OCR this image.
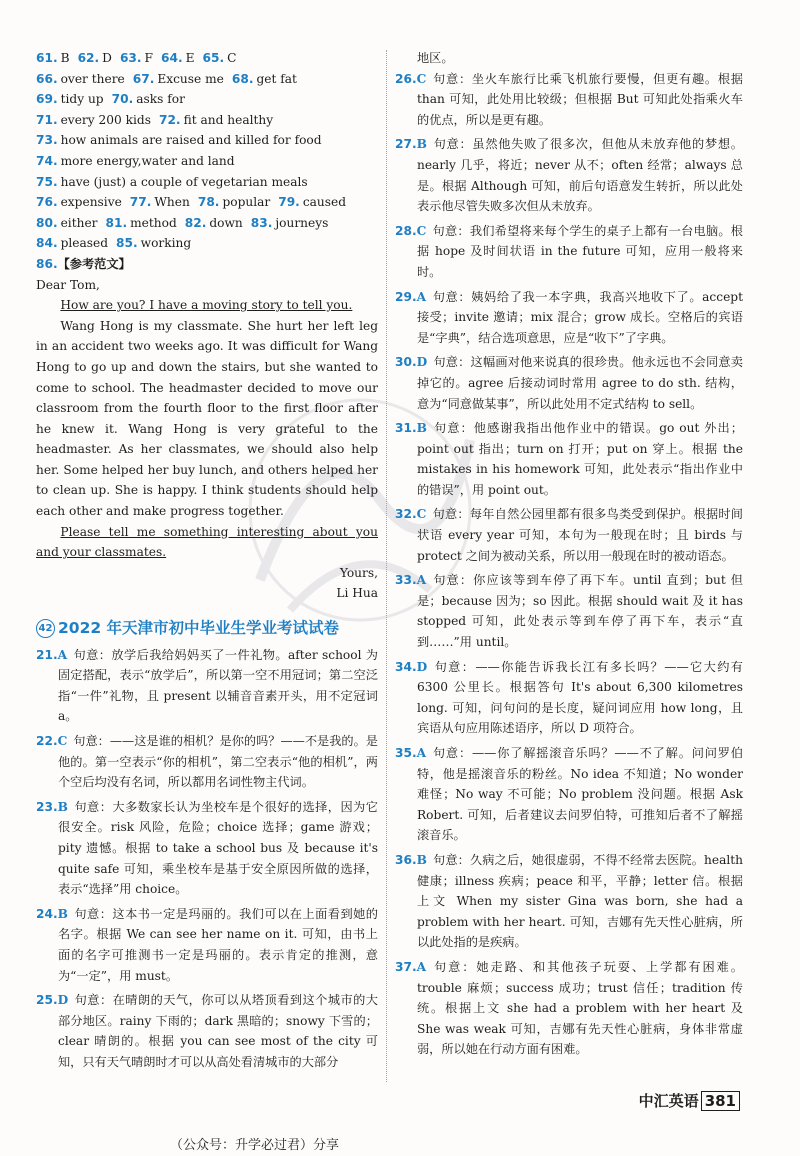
61. B 62. D 63. F 64. E 65. C
66. over there 67. Excuse me 68. get fat
69. tidy up 70. asks for
71. every 200 kids 72. fit and healthy
73. how animals are raised and killed for food
74. more energy,water and land
75. have (just) a couple of vegetarian meals
76. expensive 77. When 78. popular 79. caused
80. either 81. method 82. down 83. journeys
84. pleased 85. working
86.【参考范文】

Dear Tom,

How are you? I have a moving story to tell you.

Wang Hong is my classmate. She hurt her left leg in an accident two weeks ago. It was difficult for Wang Hong to go up and down the stairs, but she wanted to come to school. The headmaster decided to move our classroom from the fourth floor to the first floor after he knew it. Wang Hong is very grateful to the headmaster. As her classmates, we should also help her. Some helped her buy lunch, and others helped her to clean up. She is happy. I think students should help each other and make progress together.

Please tell me something interesting about you and your classmates.

Yours,

Li Hua

42 2022 年天津市初中毕业生学业考试试卷

21.A 句意：放学后我给妈妈买了一件礼物。after school 为固定搭配，表示“放学后”，所以第一空不用冠词；第二空泛指“一件”礼物，且 present 以辅音音素开头，用不定冠词 a。

22.C 句意：——这是谁的相机？是你的吗？——不是我的。是他的。第一空表示“你的相机”，第二空表示“他的相机”，两个空后均没有名词，所以都用名词性物主代词。

23.B 句意：大多数家长认为坐校车是个很好的选择，因为它很安全。risk 风险，危险；choice 选择；game 游戏；pity 遗憾。根据 to take a school bus 及 because it's quite safe 可知，乘坐校车是基于安全原因所做的选择，表示“选择”用 choice。

24.B 句意：这本书一定是玛丽的。我们可以在上面看到她的名字。根据 We can see her name on it. 可知，由书上面的名字可推测书一定是玛丽的。表示肯定的推测，意为“一定”，用 must。

25.D 句意：在晴朗的天气，你可以从塔顶看到这个城市的大部分地区。rainy 下雨的；dark 黑暗的；snowy 下雪的；clear 晴朗的。根据 you can see most of the city 可知，只有天气晴朗时才可以从高处看清城市的大部分

地区。

26.C 句意：坐火车旅行比乘飞机旅行要慢，但更有趣。根据 than 可知，此处用比较级；但根据 But 可知此处指乘火车的优点，所以是更有趣。

27.B 句意：虽然他失败了很多次，但他从未放弃他的梦想。nearly 几乎，将近；never 从不；often 经常；always 总是。根据 Although 可知，前后句语意发生转折，所以此处表示他尽管失败多次但从未放弃。

28.C 句意：我们希望将来每个学生的桌子上都有一台电脑。根据 hope 及时间状语 in the future 可知，应用一般将来时。

29.A 句意：姨妈给了我一本字典，我高兴地收下了。accept 接受；invite 邀请；mix 混合；grow 成长。空格后的宾语是“字典”，结合选项意思，应是“收下”了字典。

30.D 句意：这幅画对他来说真的很珍贵。他永远也不会同意卖掉它的。agree 后接动词时常用 agree to do sth. 结构，意为“同意做某事”，所以此处用不定式结构 to sell。

31.B 句意：他感谢我指出他作业中的错误。go out 外出；point out 指出；turn on 打开；put on 穿上。根据 the mistakes in his homework 可知，此处表示“指出作业中的错误”，用 point out。

32.C 句意：每年自然公园里都有很多鸟类受到保护。根据时间状语 every year 可知，本句为一般现在时；且 birds 与 protect 之间为被动关系，所以用一般现在时的被动语态。

33.A 句意：你应该等到车停了再下车。until 直到；but 但是；because 因为；so 因此。根据 should wait 及 it has stopped 可知，此处表示等到车停了再下车，表示“直到……”用 until。

34.D 句意：——你能告诉我长江有多长吗？——它大约有 6300 公里长。根据答句 It's about 6,300 kilometres long. 可知，问句问的是长度，疑问词应用 how long，且宾语从句应用陈述语序，所以 D 项符合。

35.A 句意：——你了解摇滚音乐吗？——不了解。问问罗伯特，他是摇滚音乐的粉丝。No idea 不知道；No wonder 难怪；No way 不可能；No problem 没问题。根据 Ask Robert. 可知，后者建议去问罗伯特，可推知后者不了解摇滚音乐。

36.B 句意：久病之后，她很虚弱，不得不经常去医院。health 健康；illness 疾病；peace 和平，平静；letter 信。根据上文 When my sister Gina was born, she had a problem with her heart. 可知，吉娜有先天性心脏病，所以此处指的是疾病。

37.A 句意：她走路、和其他孩子玩耍、上学都有困难。trouble 麻烦；success 成功；trust 信任；tradition 传统。根据上文 she had a problem with her heart 及 She was weak 可知，吉娜有先天性心脏病，身体非常虚弱，所以她在行动方面有困难。

中汇英语 381
（公众号：升学必过君）分享
